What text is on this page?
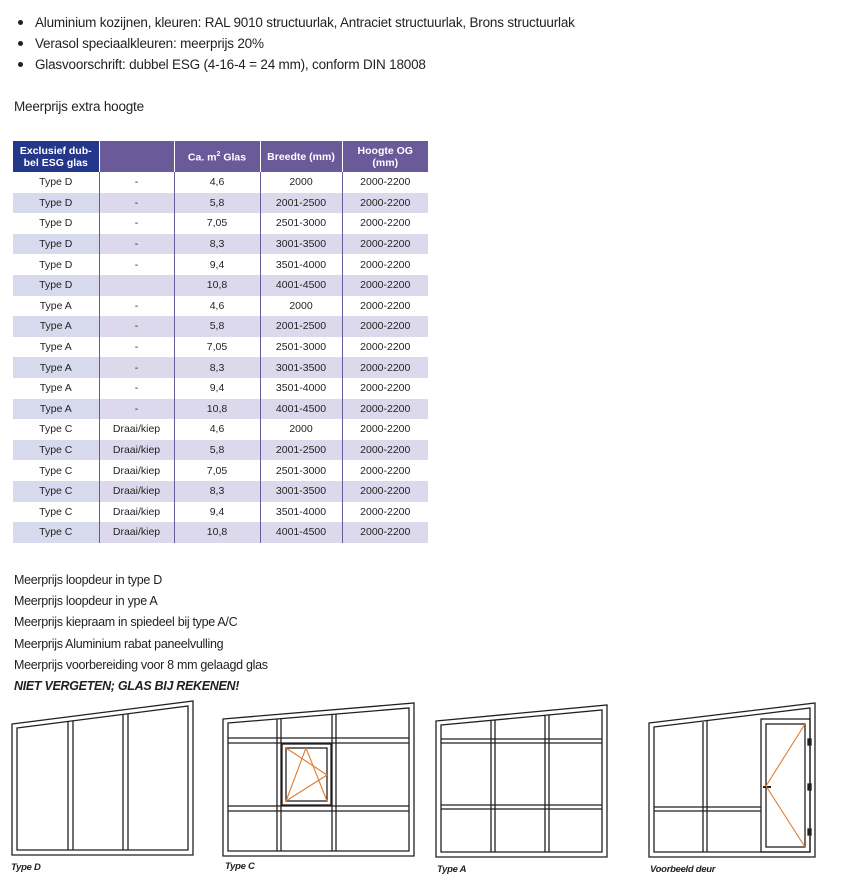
Aluminium kozijnen, kleuren: RAL 9010 structuurlak, Antraciet structuurlak, Brons structuurlak
Verasol speciaalkleuren: meerprijs 20%
Glasvoorschrift: dubbel ESG (4-16-4 = 24 mm), conform DIN 18008
Meerprijs extra hoogte
Exclusief dub-bel ESG glas		Ca. $m^2$ Glas	Breedte (mm)	Hoogte OG (mm)
Type D	-	4,6	2000	2000-2200
Type D	-	5,8	2001-2500	2000-2200
Type D	-	7,05	2501-3000	2000-2200
Type D	-	8,3	3001-3500	2000-2200
Type D	-	9,4	3501-4000	2000-2200
Type D		10,8	4001-4500	2000-2200
Type A	-	4,6	2000	2000-2200
Type A	-	5,8	2001-2500	2000-2200
Type A	-	7,05	2501-3000	2000-2200
Type A	-	8,3	3001-3500	2000-2200
Type A	-	9,4	3501-4000	2000-2200
Type A	-	10,8	4001-4500	2000-2200
Type C	Draai/kiep	4,6	2000	2000-2200
Type C	Draai/kiep	5,8	2001-2500	2000-2200
Type C	Draai/kiep	7,05	2501-3000	2000-2200
Type C	Draai/kiep	8,3	3001-3500	2000-2200
Type C	Draai/kiep	9,4	3501-4000	2000-2200
Type C	Draai/kiep	10,8	4001-4500	2000-2200
Meerprijs loopdeur in type D
Meerprijs loopdeur in ype A
Meerprijs kiepraam in spiedeel bij type A/C
Meerprijs Aluminium rabat paneelvulling
Meerprijs voorbereiding voor 8 mm gelaagd glas
NIET VERGETEN; GLAS BIJ REKENEN!
Type D	Type C	Type A	Voorbeeld deur
